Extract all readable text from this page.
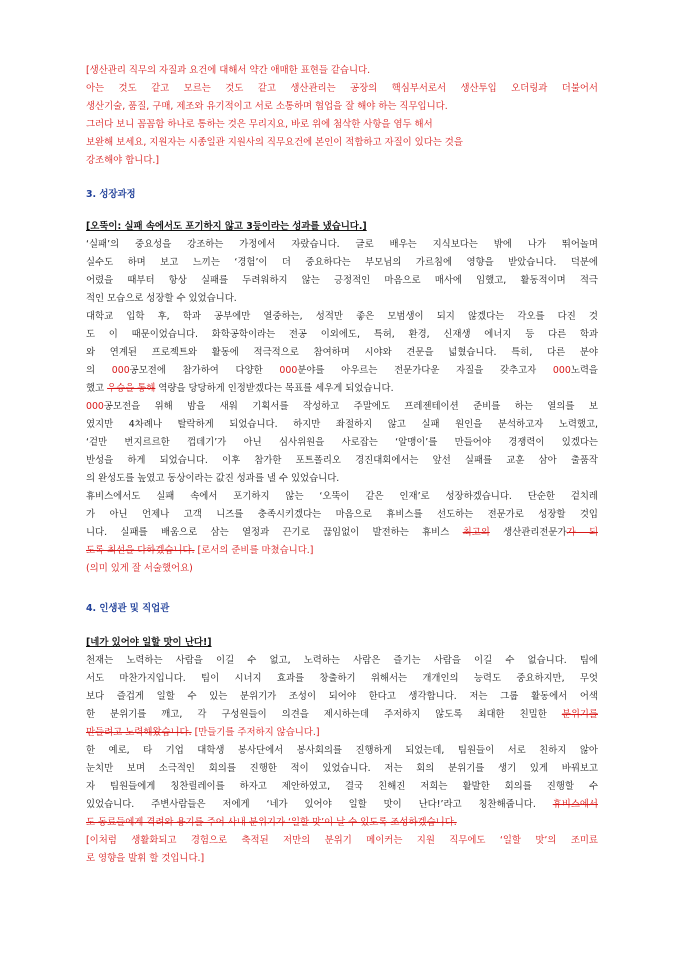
[생산관리 직무의 자질과 요건에 대해서 약간 애매한 표현들 같습니다.
아는 것도 같고 모르는 것도 같고 생산관리는 공장의 핵심부서로서 생산투입 오더링과 더불어서
생산기술, 품질, 구매, 제조와 유기적이고 서로 소통하며 협업을 잘 해야 하는 직무입니다.
그러다 보니 꼼꼼함 하나로 통하는 것은 무리지요, 바로 위에 첨삭한 사항을 염두 해서
보완해 보세요, 지원자는 시종일관 지원사의 직무요건에 본인이 적합하고 자질이 있다는 것을
강조해야 합니다.]
3. 성장과정
[오뚝이: 실패 속에서도 포기하지 않고 3등이라는 성과를 냈습니다.]
‘실패’의 중요성을 강조하는 가정에서 자랐습니다. 글로 배우는 지식보다는 밖에 나가 뛰어놀며
실수도 하며 보고 느끼는 ‘경험’이 더 중요하다는 부모님의 가르침에 영향을 받았습니다. 덕분에
어렸을 때부터 항상 실패를 두려워하지 않는 긍정적인 마음으로 매사에 임했고, 활동적이며 적극
적인 모습으로 성장할 수 있었습니다.
대학교 입학 후, 학과 공부에만 열중하는, 성적만 좋은 모범생이 되지 않겠다는 각오를 다진 것
도 이 때문이었습니다. 화학공학이라는 전공 이외에도, 특허, 환경, 신재생 에너지 등 다른 학과
와 연계된 프로젝트와 활동에 적극적으로 참여하며 시야와 견문을 넓혔습니다. 특히, 다른 분야
의 000공모전에 참가하여 다양한 000분야를 아우르는 전문가다운 자질을 갖추고자 000노력을
했고 우승을 통해 역량을 당당하게 인정받겠다는 목표를 세우게 되었습니다.
000공모전을 위해 밤을 새워 기획서를 작성하고 주말에도 프레젠테이션 준비를 하는 열의를 보
였지만 4차례나 탈락하게 되었습니다. 하지만 좌절하지 않고 실패 원인을 분석하고자 노력했고,
‘겉만 번지르르한 껍데기’가 아닌 심사위원을 사로잡는 ‘알맹이’를 만들어야 경쟁력이 있겠다는
반성을 하게 되었습니다. 이후 참가한 포트폴리오 경진대회에서는 앞선 실패를 교훈 삼아 출품작
의 완성도를 높였고 동상이라는 값진 성과를 낼 수 있었습니다.
휴비스에서도 실패 속에서 포기하지 않는 ‘오뚝이 같은 인재’로 성장하겠습니다. 단순한 겉치레
가 아닌 언제나 고객 니즈를 충족시키겠다는 마음으로 휴비스를 선도하는 전문가로 성장할 것입
니다. 실패를 배움으로 삼는 열정과 끈기로 끊임없이 발전하는 휴비스 최고의 생산관리전문가가 되
도록 최선을 다하겠습니다. [로서의 준비를 마쳤습니다.]
(의미 있게 잘 서술했어요)
4. 인생관 및 직업관
[네가 있어야 일할 맛이 난다!]
천재는 노력하는 사람을 이길 수 없고, 노력하는 사람은 즐기는 사람을 이길 수 없습니다. 팀에
서도 마찬가지입니다. 팀이 시너지 효과를 창출하기 위해서는 개개인의 능력도 중요하지만, 무엇
보다 즐겁게 일할 수 있는 분위기가 조성이 되어야 한다고 생각합니다. 저는 그룹 활동에서 어색
한 분위기를 깨고, 각 구성원들이 의견을 제시하는데 주저하지 않도록 최대한 친밀한 분위기를
만들려고 노력해왔습니다. [만들기를 주저하지 않습니다.]
한 예로, 타 기업 대학생 봉사단에서 봉사회의를 진행하게 되었는데, 팀원들이 서로 친하지 않아
눈치만 보며 소극적인 회의를 진행한 적이 있었습니다. 저는 회의 분위기를 생기 있게 바꿔보고
자 팀원들에게 칭찬릴레이를 하자고 제안하였고, 결국 친해진 저희는 활발한 회의를 진행할 수
있었습니다. 주변사람들은 저에게 ‘네가 있어야 일할 맛이 난다!’라고 칭찬해줍니다. 휴비스에서
도 동료들에게 격려와 용기를 주어 사내 분위기가 ‘일할 맛’이 날 수 있도록 조성하겠습니다.
[이처럼 생활화되고 경험으로 축적된 저만의 분위기 메이커는 지원 직무에도 ‘일할 맛’의 조미료
로 영향을 발휘 할 것입니다.]
